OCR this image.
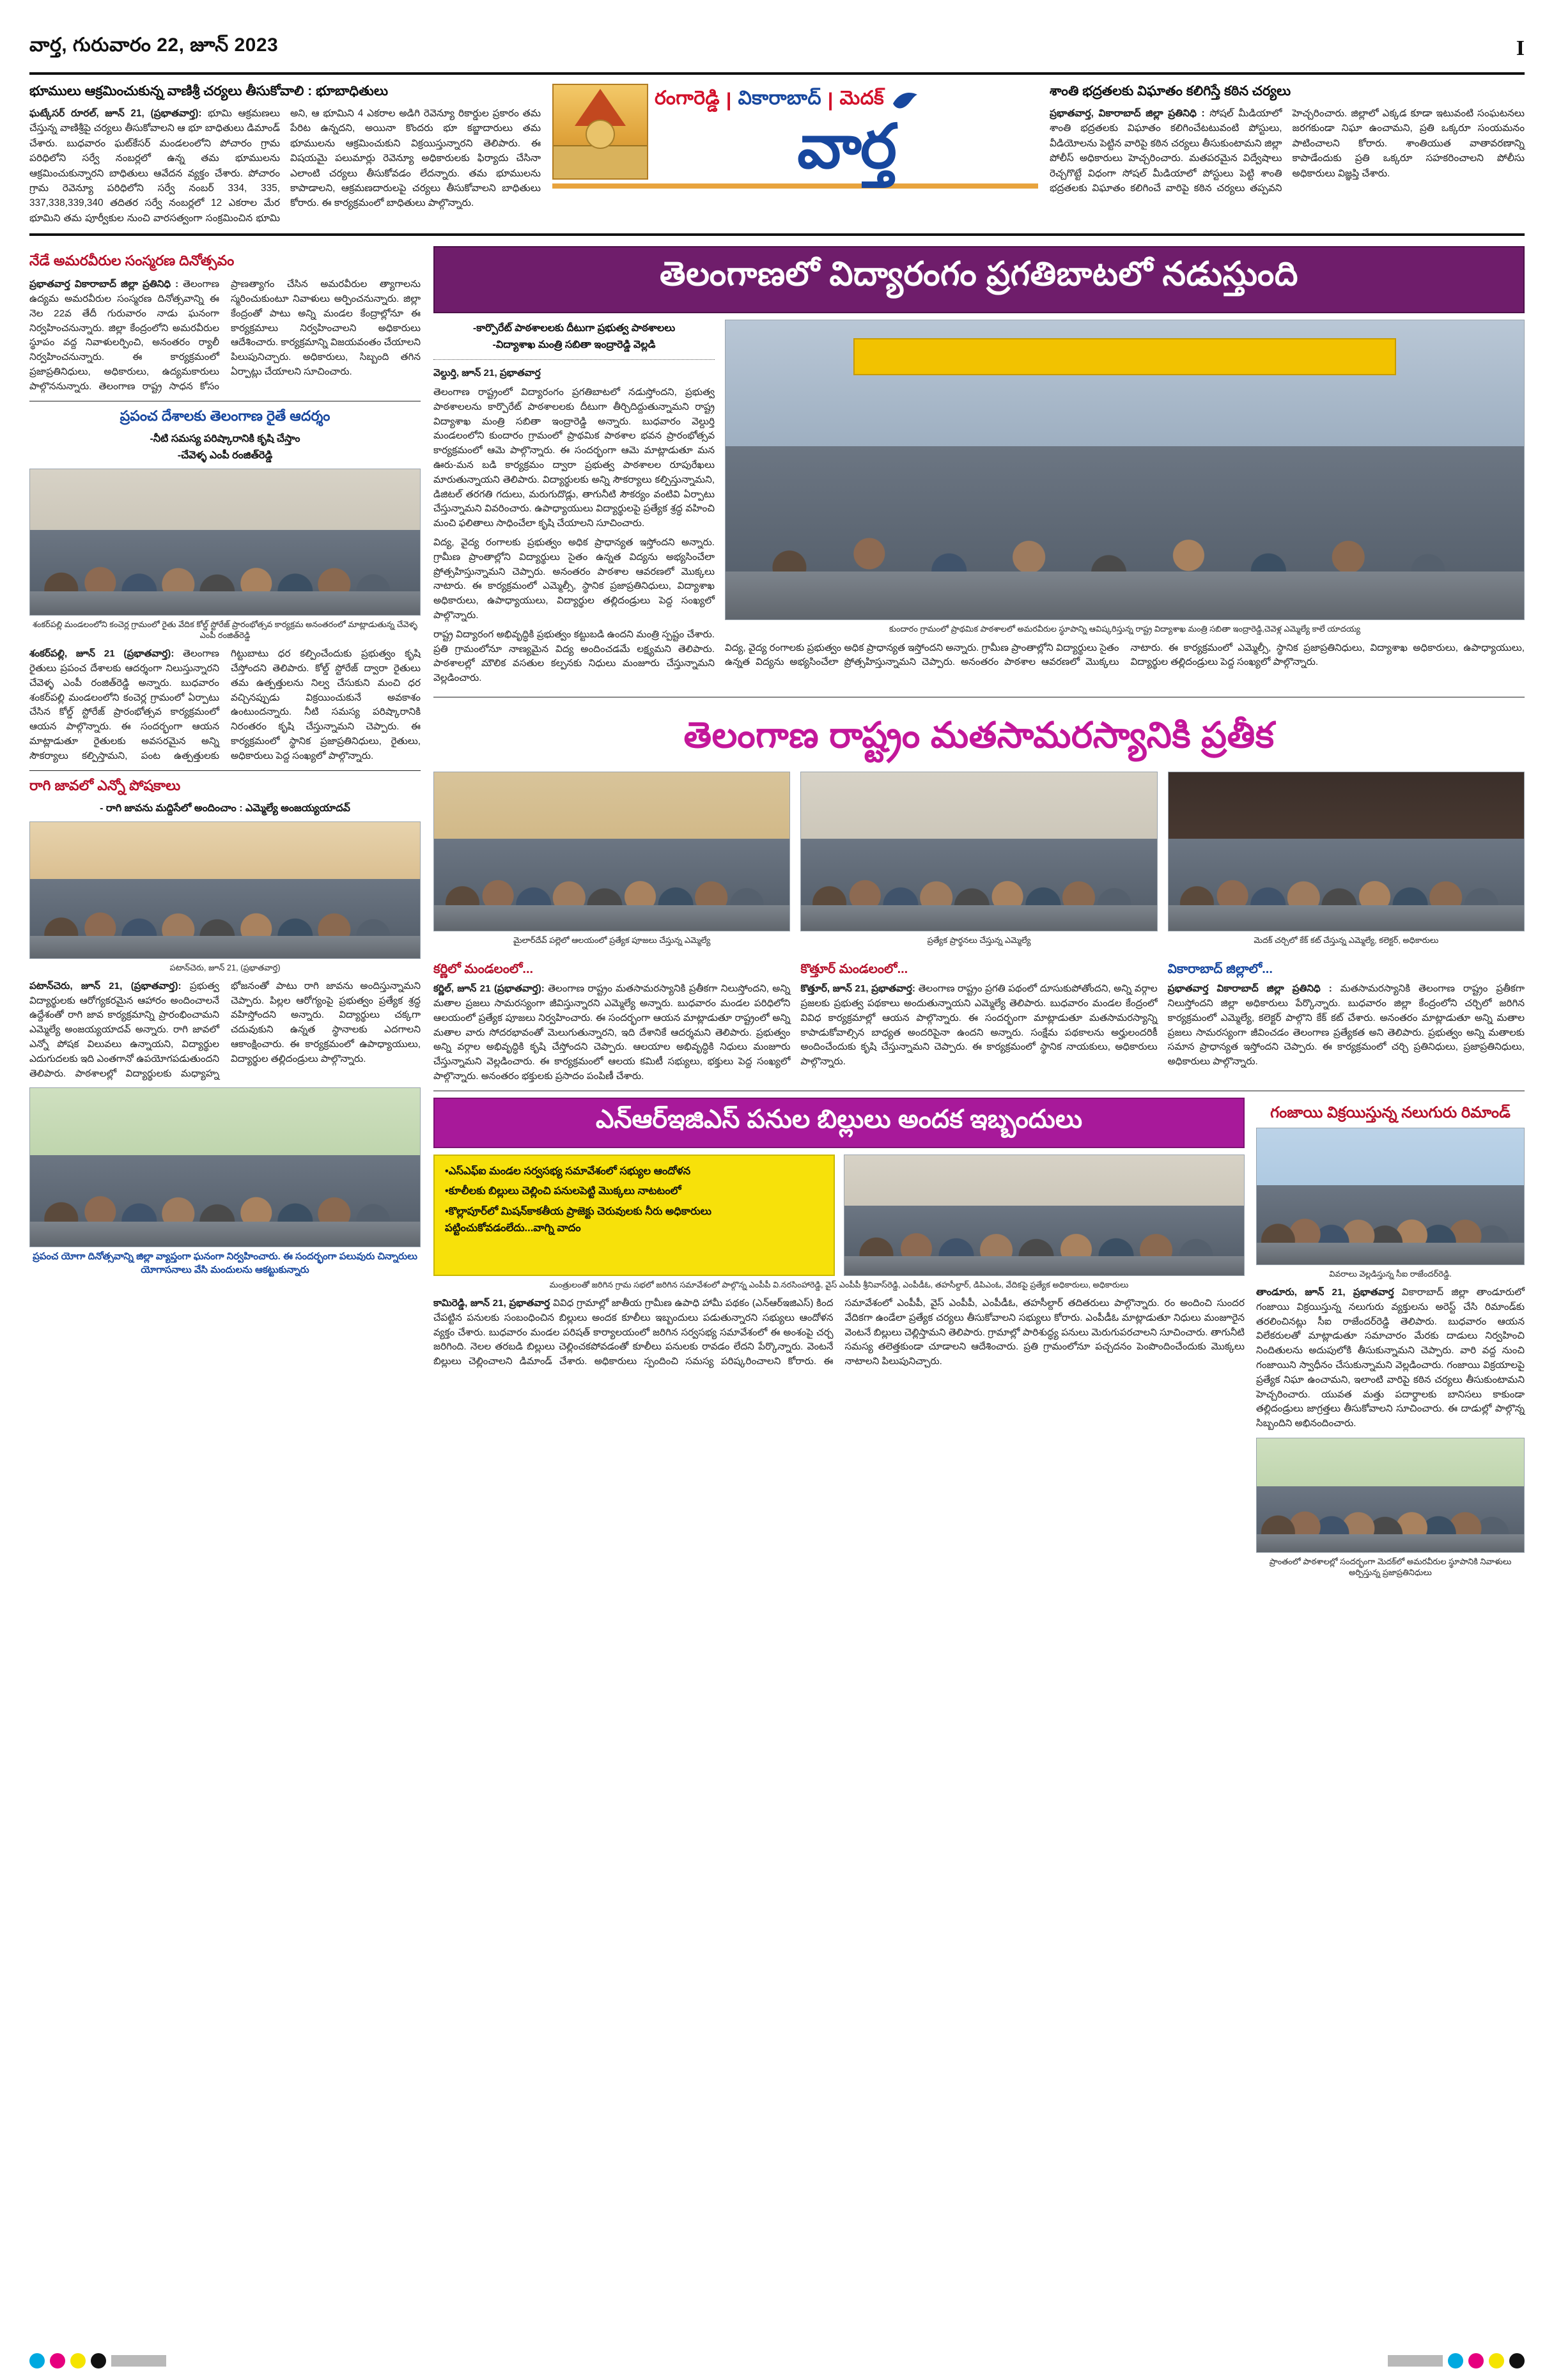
వార్త, గురువారం 22, జూన్ 2023	I
భూములు ఆక్రమించుకున్న వాణిశ్రీ చర్యలు తీసుకోవాలి : భూబాధితులు
ఘట్కేసర్ రూరల్, జూన్ 21, (ప్రభాతవార్త): భూమి ఆక్రమణలు చేస్తున్న వాణిశ్రీపై చర్యలు తీసుకోవాలని ఆ భూ బాధితులు డిమాండ్ చేశారు. బుధవారం ఘట్‌కేసర్ మండలంలోని పోచారం గ్రామ పరిధిలోని సర్వే నంబర్లలో ఉన్న తమ భూములను ఆక్రమించుకున్నారని బాధితులు ఆవేదన వ్యక్తం చేశారు. పోచారం గ్రామ రెవెన్యూ పరిధిలోని సర్వే నంబర్ 334, 335, 337,338,339,340 తదితర సర్వే నంబర్లలో 12 ఎకరాల మేర భూమిని తమ పూర్వీకుల నుంచి వారసత్వంగా సంక్రమించిన భూమి అని, ఆ భూమిని 4 ఎకరాల అడిగి రెవెన్యూ రికార్డుల ప్రకారం తమ పేరిట ఉన్నదని, అయినా కొందరు భూ కబ్జాదారులు తమ భూములను ఆక్రమించుకుని విక్రయిస్తున్నారని తెలిపారు. ఈ విషయమై పలుమార్లు రెవెన్యూ అధికారులకు ఫిర్యాదు చేసినా ఎలాంటి చర్యలు తీసుకోవడం లేదన్నారు. తమ భూములను కాపాడాలని, ఆక్రమణదారులపై చర్యలు తీసుకోవాలని బాధితులు కోరారు. ఈ కార్యక్రమంలో బాధితులు పాల్గొన్నారు.
రంగారెడ్డి | వికారాబాద్ | మెద‌క్
వార్త
శాంతి భద్రతలకు విఘాతం కలిగిస్తే కఠిన చర్యలు
ప్రభాతవార్త, వికారాబాద్ జిల్లా ప్రతినిధి : సోషల్ మీడియాలో శాంతి భద్రతలకు విఘాతం కలిగించేటటువంటి పోస్టులు, వీడియోలను పెట్టిన వారిపై కఠిన చర్యలు తీసుకుంటామని జిల్లా పోలీస్ అధికారులు హెచ్చరించారు. మతపరమైన విద్వేషాలు రెచ్చగొట్టే విధంగా సోషల్ మీడియాలో పోస్టులు పెట్టి శాంతి భద్రతలకు విఘాతం కలిగించే వారిపై కఠిన చర్యలు తప్పవని హెచ్చరించారు. జిల్లాలో ఎక్కడ కూడా ఇటువంటి సంఘటనలు జరగకుండా నిఘా ఉంచామని, ప్రతి ఒక్కరూ సంయమనం పాటించాలని కోరారు. శాంతియుత వాతావరణాన్ని కాపాడేందుకు ప్రతి ఒక్కరూ సహకరించాలని పోలీసు అధికారులు విజ్ఞప్తి చేశారు.
నేడే అమరవీరుల సంస్మరణ దినోత్సవం
ప్రభాతవార్త వికారాబాద్ జిల్లా ప్రతినిధి : తెలంగాణ ఉద్యమ అమరవీరుల సంస్మరణ దినోత్సవాన్ని ఈ నెల 22వ తేదీ గురువారం నాడు ఘనంగా నిర్వహించనున్నారు. జిల్లా కేంద్రంలోని అమరవీరుల స్థూపం వద్ద నివాళులర్పించి, అనంతరం ర్యాలీ నిర్వహించనున్నారు. ఈ కార్యక్రమంలో ప్రజాప్రతినిధులు, అధికారులు, ఉద్యమకారులు పాల్గొననున్నారు. తెలంగాణ రాష్ట్ర సాధన కోసం ప్రాణత్యాగం చేసిన అమరవీరుల త్యాగాలను స్మరించుకుంటూ నివాళులు అర్పించనున్నారు. జిల్లా కేంద్రంతో పాటు అన్ని మండల కేంద్రాల్లోనూ ఈ కార్యక్రమాలు నిర్వహించాలని అధికారులు ఆదేశించారు. కార్యక్రమాన్ని విజయవంతం చేయాలని పిలుపునిచ్చారు. అధికారులు, సిబ్బంది తగిన ఏర్పాట్లు చేయాలని సూచించారు.
ప్రపంచ దేశాలకు తెలంగాణ రైతే ఆదర్శం
-నీటి సమస్య పరిష్కారానికి కృషి చేస్తాం
-చేవెళ్ళ ఎంపీ రంజిత్‌రెడ్డి
శంకర్‌పల్లి మండలంలోని కంచెర్ల గ్రామంలో రైతు వేదిక కోల్డ్ స్టోరేజ్ ప్రారంభోత్సవ కార్యక్రమ అనంతరంలో మాట్లాడుతున్న చేవెళ్ళ ఎంపీ రంజిత్‌రెడ్డి
శంకర్‌పల్లి, జూన్ 21 (ప్రభాతవార్త): తెలంగాణ రైతులు ప్రపంచ దేశాలకు ఆదర్శంగా నిలుస్తున్నారని చేవెళ్ళ ఎంపీ రంజిత్‌రెడ్డి అన్నారు. బుధవారం శంకర్‌పల్లి మండలంలోని కంచెర్ల గ్రామంలో ఏర్పాటు చేసిన కోల్డ్ స్టోరేజ్ ప్రారంభోత్సవ కార్యక్రమంలో ఆయన పాల్గొన్నారు. ఈ సందర్భంగా ఆయన మాట్లాడుతూ రైతులకు అవసరమైన అన్ని సౌకర్యాలు కల్పిస్తామని, పంట ఉత్పత్తులకు గిట్టుబాటు ధర కల్పించేందుకు ప్రభుత్వం కృషి చేస్తోందని తెలిపారు. కోల్డ్ స్టోరేజ్ ద్వారా రైతులు తమ ఉత్పత్తులను నిల్వ చేసుకుని మంచి ధర వచ్చినప్పుడు విక్రయించుకునే అవకాశం ఉంటుందన్నారు. నీటి సమస్య పరిష్కారానికి నిరంతరం కృషి చేస్తున్నామని చెప్పారు. ఈ కార్యక్రమంలో స్థానిక ప్రజాప్రతినిధులు, రైతులు, అధికారులు పెద్ద సంఖ్యలో పాల్గొన్నారు.
రాగి జావలో ఎన్నో పోషకాలు
- రాగి జావను మద్దిసేలో అందించాం : ఎమ్మెల్యే అంజయ్యయాదవ్
పటాన్‌చెరు, జూన్ 21, (ప్రభాతవార్త)
పటాన్‌చెరు, జూన్ 21, (ప్రభాతవార్త): ప్రభుత్వ విద్యార్థులకు ఆరోగ్యకరమైన ఆహారం అందించాలనే ఉద్దేశంతో రాగి జావ కార్యక్రమాన్ని ప్రారంభించామని ఎమ్మెల్యే అంజయ్యయాదవ్ అన్నారు. రాగి జావలో ఎన్నో పోషక విలువలు ఉన్నాయని, విద్యార్థుల ఎదుగుదలకు ఇది ఎంతగానో ఉపయోగపడుతుందని తెలిపారు. పాఠశాలల్లో విద్యార్థులకు మధ్యాహ్న భోజనంతో పాటు రాగి జావను అందిస్తున్నామని చెప్పారు. పిల్లల ఆరోగ్యంపై ప్రభుత్వం ప్రత్యేక శ్రద్ధ వహిస్తోందని అన్నారు. విద్యార్థులు చక్కగా చదువుకుని ఉన్నత స్థానాలకు ఎదగాలని ఆకాంక్షించారు. ఈ కార్యక్రమంలో ఉపాధ్యాయులు, విద్యార్థుల తల్లిదండ్రులు పాల్గొన్నారు.
ప్రపంచ యోగా దినోత్సవాన్ని జిల్లా వ్యాప్తంగా ఘనంగా నిర్వహించారు. ఈ సందర్భంగా పలువురు చిన్నారులు యోగాసనాలు వేసి మందులను ఆకట్టుకున్నారు
తెలంగాణలో విద్యారంగం ప్రగతిబాటలో నడుస్తుంది
-కార్పొరేట్ పాఠశాలలకు దీటుగా ప్రభుత్వ పాఠశాలలు
-విద్యాశాఖ మంత్రి సబితా ఇంద్రారెడ్డి వెల్లడి

వెల్దుర్తి, జూన్ 21, ప్రభాతవార్త

తెలంగాణ రాష్ట్రంలో విద్యారంగం ప్రగతిబాటలో నడుస్తోందని, ప్రభుత్వ పాఠశాలలను కార్పొరేట్ పాఠశాలలకు దీటుగా తీర్చిదిద్దుతున్నామని రాష్ట్ర విద్యాశాఖ మంత్రి సబితా ఇంద్రారెడ్డి అన్నారు. బుధవారం వెల్దుర్తి మండలంలోని కుందారం గ్రామంలో ప్రాథమిక పాఠశాల భవన ప్రారంభోత్సవ కార్యక్రమంలో ఆమె పాల్గొన్నారు. ఈ సందర్భంగా ఆమె మాట్లాడుతూ మన ఊరు-మన బడి కార్యక్రమం ద్వారా ప్రభుత్వ పాఠశాలల రూపురేఖలు మారుతున్నాయని తెలిపారు. విద్యార్థులకు అన్ని సౌకర్యాలు కల్పిస్తున్నామని, డిజిటల్ తరగతి గదులు, మరుగుదొడ్లు, తాగునీటి సౌకర్యం వంటివి ఏర్పాటు చేస్తున్నామని వివరించారు. ఉపాధ్యాయులు విద్యార్థులపై ప్రత్యేక శ్రద్ధ వహించి మంచి ఫలితాలు సాధించేలా కృషి చేయాలని సూచించారు.

విద్య, వైద్య రంగాలకు ప్రభుత్వం అధిక ప్రాధాన్యత ఇస్తోందని అన్నారు. గ్రామీణ ప్రాంతాల్లోని విద్యార్థులు సైతం ఉన్నత విద్యను అభ్యసించేలా ప్రోత్సహిస్తున్నామని చెప్పారు. అనంతరం పాఠశాల ఆవరణలో మొక్కలు నాటారు. ఈ కార్యక్రమంలో ఎమ్మెల్సీ, స్థానిక ప్రజాప్రతినిధులు, విద్యాశాఖ అధికారులు, ఉపాధ్యాయులు, విద్యార్థుల తల్లిదండ్రులు పెద్ద సంఖ్యలో పాల్గొన్నారు.

రాష్ట్ర విద్యారంగ అభివృద్ధికి ప్రభుత్వం కట్టుబడి ఉందని మంత్రి స్పష్టం చేశారు. ప్రతి గ్రామంలోనూ నాణ్యమైన విద్య అందించడమే లక్ష్యమని తెలిపారు. పాఠశాలల్లో మౌలిక వసతుల కల్పనకు నిధులు మంజూరు చేస్తున్నామని వెల్లడించారు.

కుందారం గ్రామంలో ప్రాథమిక పాఠశాలలో అమరవీరుల స్థూపాన్ని ఆవిష్కరిస్తున్న రాష్ట్ర విద్యాశాఖ మంత్రి సబితా ఇంద్రారెడ్డి,చెవెళ్ల ఎమ్మెల్యే కాలే యాదయ్య
విద్య, వైద్య రంగాలకు ప్రభుత్వం అధిక ప్రాధాన్యత ఇస్తోందని అన్నారు. గ్రామీణ ప్రాంతాల్లోని విద్యార్థులు సైతం ఉన్నత విద్యను అభ్యసించేలా ప్రోత్సహిస్తున్నామని చెప్పారు. అనంతరం పాఠశాల ఆవరణలో మొక్కలు నాటారు. ఈ కార్యక్రమంలో ఎమ్మెల్సీ, స్థానిక ప్రజాప్రతినిధులు, విద్యాశాఖ అధికారులు, ఉపాధ్యాయులు, విద్యార్థుల తల్లిదండ్రులు పెద్ద సంఖ్యలో పాల్గొన్నారు.
తెలంగాణ రాష్ట్రం మతసామరస్యానికి ప్రతీక
మైలార్‌దేవ్ పల్లెలో ఆలయంలో ప్రత్యేక పూజలు చేస్తున్న ఎమ్మెల్యే	ప్రత్యేక ప్రార్థనలు చేస్తున్న ఎమ్మెల్యే	మెదక్ చర్చిలో కేక్ కట్ చేస్తున్న ఎమ్మెల్యే, కలెక్టర్, అధికారులు
కర్ణిలో మండలంలో...
కర్ణిల్, జూన్ 21 (ప్రభాతవార్త): తెలంగాణ రాష్ట్రం మతసామరస్యానికి ప్రతీకగా నిలుస్తోందని, అన్ని మతాల ప్రజలు సామరస్యంగా జీవిస్తున్నారని ఎమ్మెల్యే అన్నారు. బుధవారం మండల పరిధిలోని ఆలయంలో ప్రత్యేక పూజలు నిర్వహించారు. ఈ సందర్భంగా ఆయన మాట్లాడుతూ రాష్ట్రంలో అన్ని మతాల వారు సోదరభావంతో మెలుగుతున్నారని, ఇది దేశానికే ఆదర్శమని తెలిపారు. ప్రభుత్వం అన్ని వర్గాల అభివృద్ధికి కృషి చేస్తోందని చెప్పారు. ఆలయాల అభివృద్ధికి నిధులు మంజూరు చేస్తున్నామని వెల్లడించారు. ఈ కార్యక్రమంలో ఆలయ కమిటీ సభ్యులు, భక్తులు పెద్ద సంఖ్యలో పాల్గొన్నారు. అనంతరం భక్తులకు ప్రసాదం పంపిణీ చేశారు.
కొత్తూర్ మండలంలో...
కొత్తూర్, జూన్ 21, ప్రభాతవార్త: తెలంగాణ రాష్ట్రం ప్రగతి పథంలో దూసుకుపోతోందని, అన్ని వర్గాల ప్రజలకు ప్రభుత్వ పథకాలు అందుతున్నాయని ఎమ్మెల్యే తెలిపారు. బుధవారం మండల కేంద్రంలో వివిధ కార్యక్రమాల్లో ఆయన పాల్గొన్నారు. ఈ సందర్భంగా మాట్లాడుతూ మతసామరస్యాన్ని కాపాడుకోవాల్సిన బాధ్యత అందరిపైనా ఉందని అన్నారు. సంక్షేమ పథకాలను అర్హులందరికీ అందించేందుకు కృషి చేస్తున్నామని చెప్పారు. ఈ కార్యక్రమంలో స్థానిక నాయకులు, అధికారులు పాల్గొన్నారు.
వికారాబాద్ జిల్లాలో...
ప్రభాతవార్త వికారాబాద్ జిల్లా ప్రతినిధి : మతసామరస్యానికి తెలంగాణ రాష్ట్రం ప్రతీకగా నిలుస్తోందని జిల్లా అధికారులు పేర్కొన్నారు. బుధవారం జిల్లా కేంద్రంలోని చర్చిలో జరిగిన కార్యక్రమంలో ఎమ్మెల్యే, కలెక్టర్ పాల్గొని కేక్ కట్ చేశారు. అనంతరం మాట్లాడుతూ అన్ని మతాల ప్రజలు సామరస్యంగా జీవించడం తెలంగాణ ప్రత్యేకత అని తెలిపారు. ప్రభుత్వం అన్ని మతాలకు సమాన ప్రాధాన్యత ఇస్తోందని చెప్పారు. ఈ కార్యక్రమంలో చర్చి ప్రతినిధులు, ప్రజాప్రతినిధులు, అధికారులు పాల్గొన్నారు.
ఎన్ఆర్ఇజిఎస్ పనుల బిల్లులు అందక ఇబ్బందులు
•ఎస్ఎఫ్ఐ మండల సర్వసభ్య సమావేశంలో సభ్యుల ఆందోళన
•కూలీలకు బిల్లులు చెల్లించి పనులపెట్టి మొక్కలు నాటటంలో
•కొల్లాపూర్‌లో మిషన్‌కాకతీయ ప్రాజెక్టు చెరువులకు నీరు అధికారులు పట్టించుకోవడంలేదు...వాగ్ని వాదం
మంత్రులంతో జరిగిన గ్రామ సభలో జరిగిన సమావేశంలో పాల్గొన్న ఎంపీపీ వి.నరసింహారెడ్డి, వైస్ ఎంపీపీ శ్రీనివాస్‌రెడ్డి, ఎంపీడీఓ, తహసీల్దార్, డిపిఎంఓ, వేదికపై ప్రత్యేక అధికారులు, అధికారులు
కామిరెడ్డి, జూన్ 21, ప్రభాతవార్త వివిధ గ్రామాల్లో జాతీయ గ్రామీణ ఉపాధి హామీ పథకం (ఎన్ఆర్ఇజిఎస్) కింద చేపట్టిన పనులకు సంబంధించిన బిల్లులు అందక కూలీలు ఇబ్బందులు పడుతున్నారని సభ్యులు ఆందోళన వ్యక్తం చేశారు. బుధవారం మండల పరిషత్ కార్యాలయంలో జరిగిన సర్వసభ్య సమావేశంలో ఈ అంశంపై చర్చ జరిగింది. నెలల తరబడి బిల్లులు చెల్లించకపోవడంతో కూలీలు పనులకు రావడం లేదని పేర్కొన్నారు. వెంటనే బిల్లులు చెల్లించాలని డిమాండ్ చేశారు. అధికారులు స్పందించి సమస్య పరిష్కరించాలని కోరారు. ఈ సమావేశంలో ఎంపీపీ, వైస్ ఎంపీపీ, ఎంపీడీఓ, తహసీల్దార్ తదితరులు పాల్గొన్నారు. రం అందించి సుందర వేదికగా ఉండేలా ప్రత్యేక చర్యలు తీసుకోవాలని సభ్యులు కోరారు. ఎంపీడీఓ మాట్లాడుతూ నిధులు మంజూరైన వెంటనే బిల్లులు చెల్లిస్తామని తెలిపారు. గ్రామాల్లో పారిశుద్ధ్య పనులు మెరుగుపరచాలని సూచించారు. తాగునీటి సమస్య తలెత్తకుండా చూడాలని ఆదేశించారు. ప్రతి గ్రామంలోనూ పచ్చదనం పెంపొందించేందుకు మొక్కలు నాటాలని పిలుపునిచ్చారు.
గంజాయి విక్రయిస్తున్న నలుగురు రిమాండ్
వివరాలు వెల్లడిస్తున్న సీఐ రాజేందర్‌రెడ్డి.
తాండూరు, జూన్ 21, ప్రభాతవార్త వికారాబాద్ జిల్లా తాండూరులో గంజాయి విక్రయిస్తున్న నలుగురు వ్యక్తులను అరెస్ట్ చేసి రిమాండ్‌కు తరలించినట్లు సీఐ రాజేందర్‌రెడ్డి తెలిపారు. బుధవారం ఆయన విలేకరులతో మాట్లాడుతూ సమాచారం మేరకు దాడులు నిర్వహించి నిందితులను అదుపులోకి తీసుకున్నామని చెప్పారు. వారి వద్ద నుంచి గంజాయిని స్వాధీనం చేసుకున్నామని వెల్లడించారు. గంజాయి విక్రయాలపై ప్రత్యేక నిఘా ఉంచామని, ఇలాంటి వారిపై కఠిన చర్యలు తీసుకుంటామని హెచ్చరించారు. యువత మత్తు పదార్థాలకు బానిసలు కాకుండా తల్లిదండ్రులు జాగ్రత్తలు తీసుకోవాలని సూచించారు. ఈ దాడుల్లో పాల్గొన్న సిబ్బందిని అభినందించారు.
ప్రాంతంలో పాఠశాలల్లో సందర్భంగా మెద‌క్‌లో అమరవీరుల స్థూపానికి నివాళులు అర్పిస్తున్న ప్రజాప్రతినిధులు
